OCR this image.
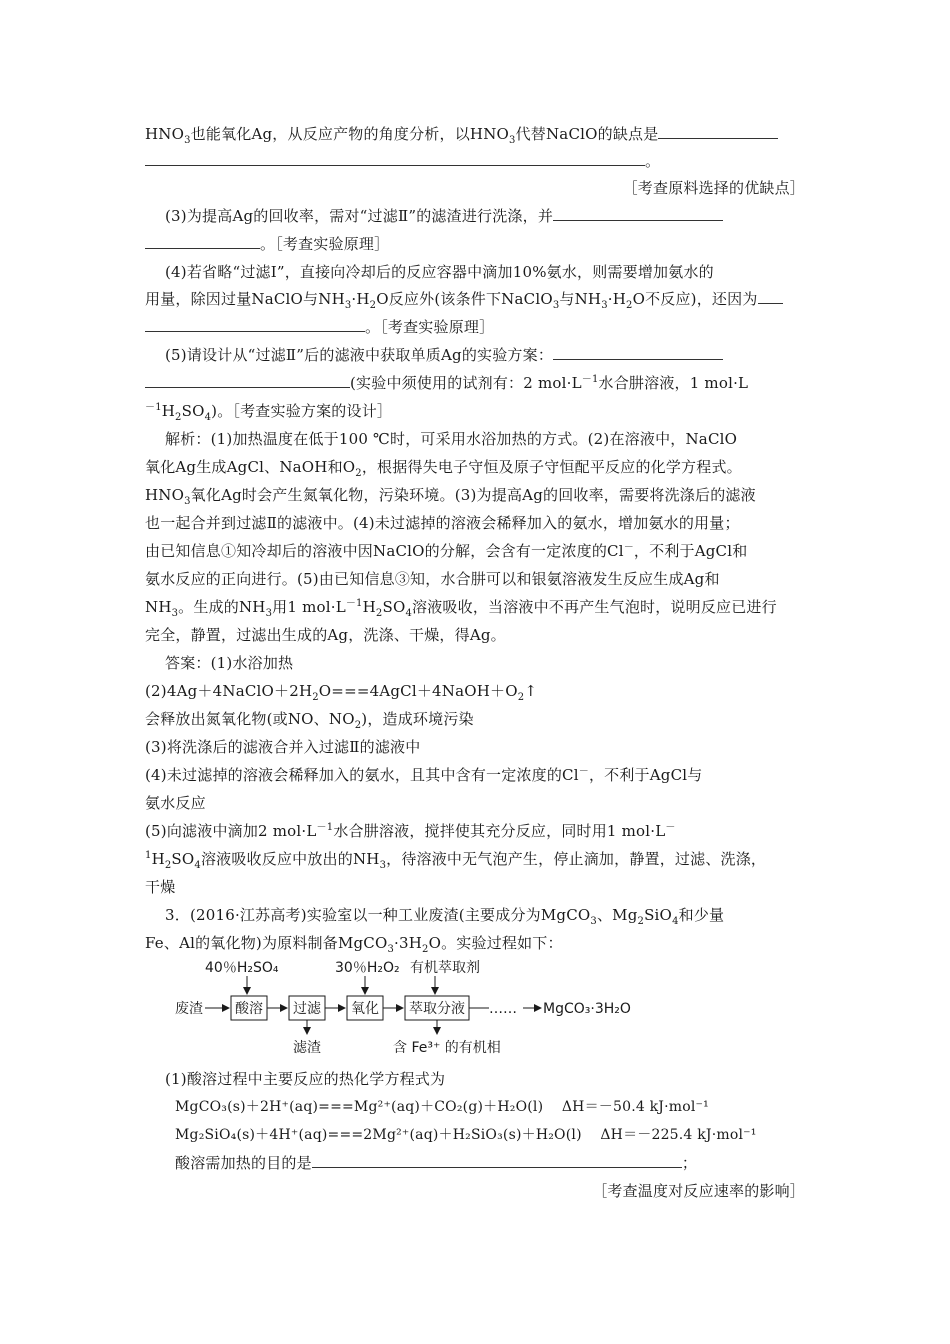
$HNO_3$也能氧化Ag，从反应产物的角度分析，以$HNO_3$代替NaClO的缺点是
。
［考查原料选择的优缺点］
(3)为提高Ag的回收率，需对“过滤Ⅱ”的滤渣进行洗涤，并
。［考查实验原理］
(4)若省略“过滤Ⅰ”，直接向冷却后的反应容器中滴加10%氨水，则需要增加氨水的
用量，除因过量NaClO与$NH_3\cdot H_2O$反应外(该条件下NaClO$_3$与$NH_3\cdot H_2O$不反应)，还因为
。［考查实验原理］
(5)请设计从“过滤Ⅱ”后的滤液中获取单质Ag的实验方案：
(实验中须使用的试剂有：2 $mol\cdot L^{-1}$水合肼溶液，1 mol·L
$^{-1}H_2SO_4$)。［考查实验方案的设计］
解析：(1)加热温度在低于100 ℃时，可采用水浴加热的方式。(2)在溶液中，NaClO
氧化Ag生成AgCl、NaOH和$O_2$，根据得失电子守恒及原子守恒配平反应的化学方程式。
$HNO_3$氧化Ag时会产生氮氧化物，污染环境。(3)为提高Ag的回收率，需要将洗涤后的滤液
也一起合并到过滤Ⅱ的滤液中。(4)未过滤掉的溶液会稀释加入的氨水，增加氨水的用量；
由已知信息①知冷却后的溶液中因NaClO的分解，会含有一定浓度的Cl－，不利于AgCl和
氨水反应的正向进行。(5)由已知信息③知，水合肼可以和银氨溶液发生反应生成Ag和
$NH_3$。生成的$NH_3$用1 $mol\cdot L^{-1}H_2SO_4$溶液吸收，当溶液中不再产生气泡时，说明反应已进行
完全，静置，过滤出生成的Ag，洗涤、干燥，得Ag。
答案：(1)水浴加热
$(2)4Ag+4NaClO+2H_2O===4AgCl+4NaOH+O_2↑$
会释放出氮氧化物(或NO、$NO_2$)，造成环境污染
(3)将洗涤后的滤液合并入过滤Ⅱ的滤液中
(4)未过滤掉的溶液会稀释加入的氨水，且其中含有一定浓度的Cl－，不利于AgCl与
氨水反应
(5)向滤液中滴加2 $mol\cdot L^{-1}$水合肼溶液，搅拌使其充分反应，同时用1 mol·L－
$^1H_2SO_4$溶液吸收反应中放出的$NH_3$，待溶液中无气泡产生，停止滴加，静置，过滤、洗涤，
干燥
3．(2016·江苏高考)实验室以一种工业废渣(主要成分为MgCO$_3$、$Mg_2SiO_4$和少量
Fe、Al的氧化物)为原料制备$MgCO_3\cdot 3H_2O$。实验过程如下：
40％H₂SO₄	30％H₂O₂ 有机萃取剂
废渣 酸溶 过滤 氧化 萃取分液 …… MgCO₃·3H₂O
滤渣	含 Fe³⁺ 的有机相
(1)酸溶过程中主要反应的热化学方程式为
MgCO₃(s)＋2H⁺(aq)===Mg²⁺(aq)＋CO₂(g)＋H₂O(l) ΔH＝－50.4 kJ·mol⁻¹
Mg₂SiO₄(s)＋4H⁺(aq)===2Mg²⁺(aq)＋H₂SiO₃(s)＋H₂O(l) ΔH＝－225.4 kJ·mol⁻¹
酸溶需加热的目的是	；
［考查温度对反应速率的影响］
